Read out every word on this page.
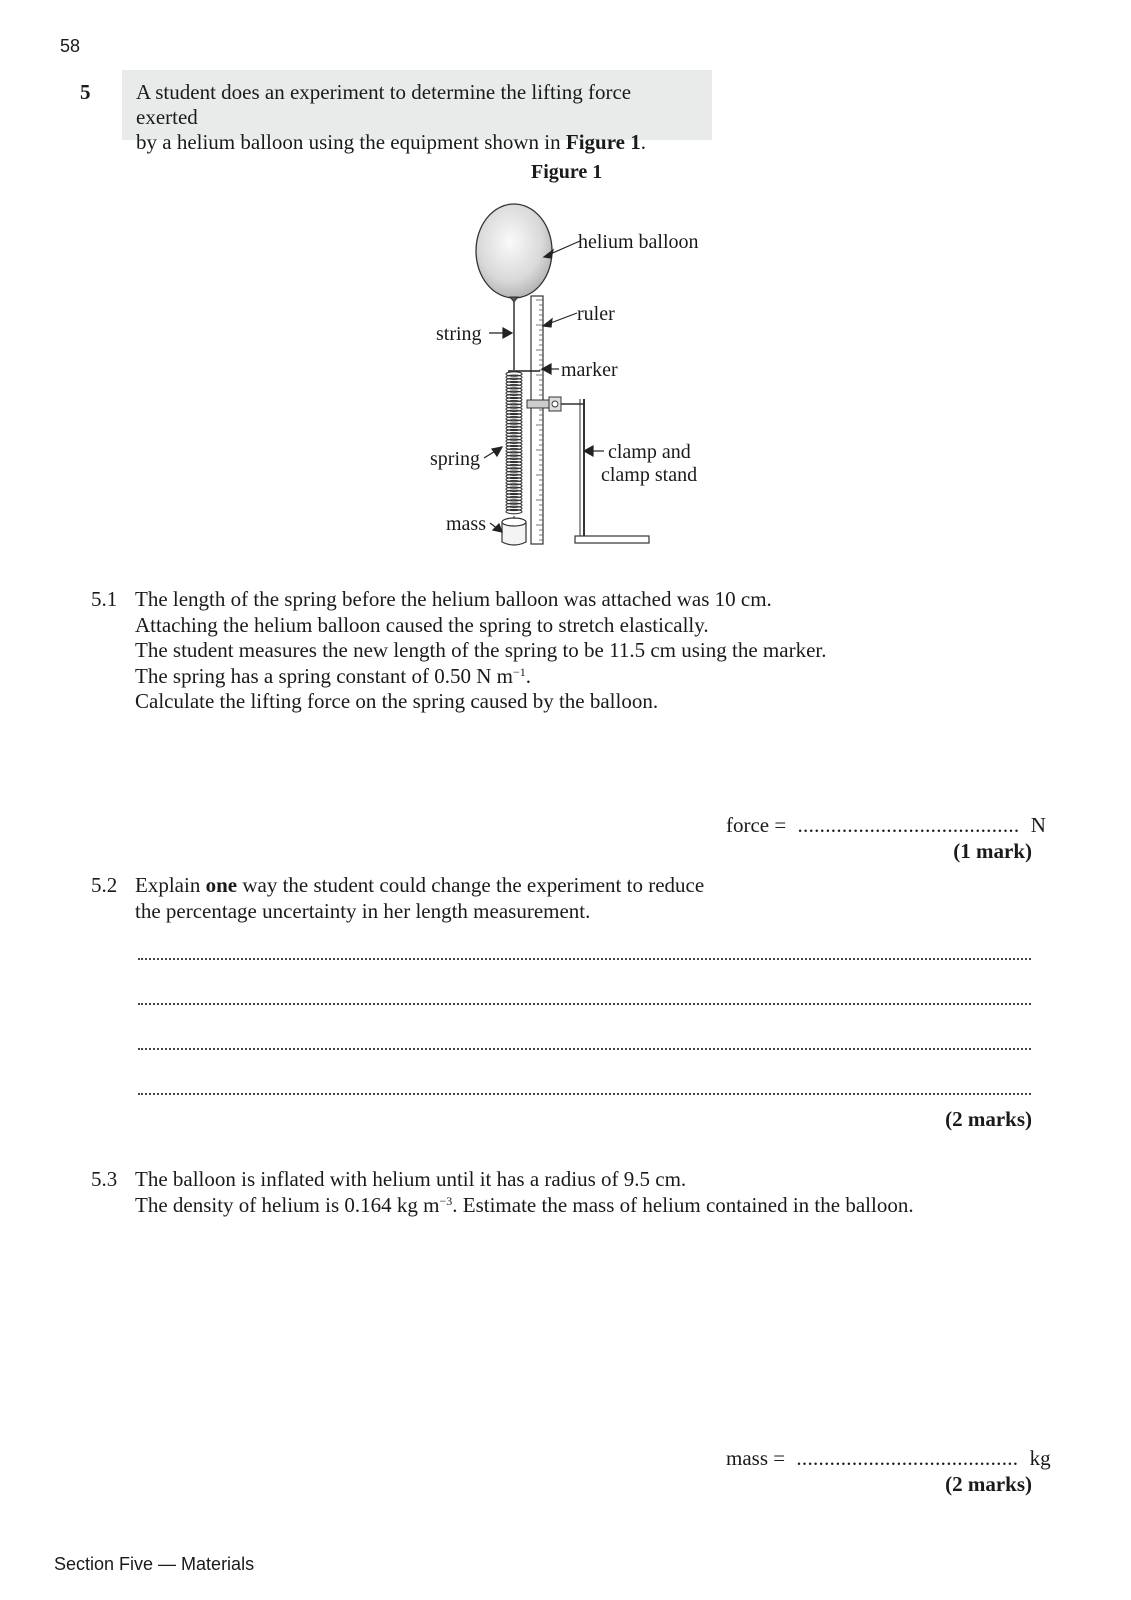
58
5 A student does an experiment to determine the lifting force exerted
by a helium balloon using the equipment shown in Figure 1.
Figure 1
helium balloon
ruler
string
marker
spring	clamp and
clamp stand
mass
5.1 The length of the spring before the helium balloon was attached was 10 cm.
Attaching the helium balloon caused the spring to stretch elastically.
The student measures the new length of the spring to be 11.5 cm using the marker.
The spring has a spring constant of 0.50 N $m^{-1}$.
Calculate the lifting force on the spring caused by the balloon.
force = ........................................ N
(1 mark)
5.2 Explain one way the student could change the experiment to reduce
the percentage uncertainty in her length measurement.
(2 marks)
5.3 The balloon is inflated with helium until it has a radius of 9.5 cm.
The density of helium is 0.164 kg $m^{-3}$. Estimate the mass of helium contained in the balloon.
mass = ........................................ kg
(2 marks)
Section Five — Materials
